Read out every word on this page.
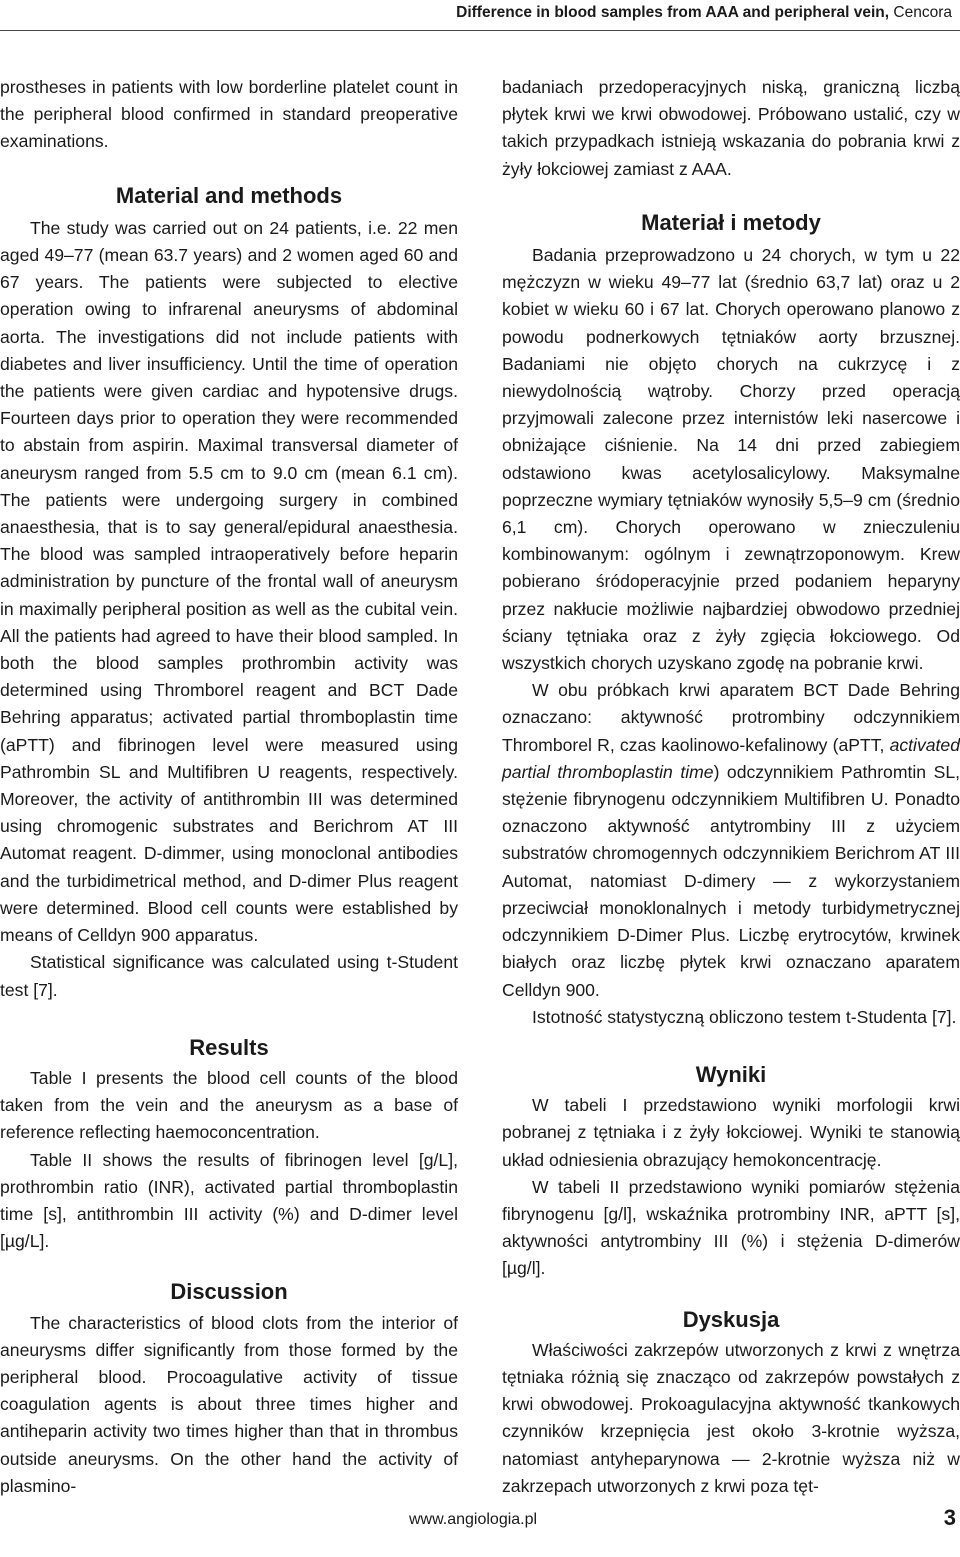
Difference in blood samples from AAA and peripheral vein, Cencora

prostheses in patients with low borderline platelet count in the peripheral blood confirmed in standard preoperative examinations.

Material and methods

The study was carried out on 24 patients, i.e. 22 men aged 49–77 (mean 63.7 years) and 2 women aged 60 and 67 years. The patients were subjected to elective operation owing to infrarenal aneurysms of abdominal aorta. The investigations did not include patients with diabetes and liver insufficiency. Until the time of operation the patients were given cardiac and hypotensive drugs. Fourteen days prior to operation they were recommended to abstain from aspirin. Maximal transversal diameter of aneurysm ranged from 5.5 cm to 9.0 cm (mean 6.1 cm). The patients were undergoing surgery in combined anaesthesia, that is to say general/epidural anaesthesia. The blood was sampled intraoperatively before heparin administration by puncture of the frontal wall of aneurysm in maximally peripheral position as well as the cubital vein. All the patients had agreed to have their blood sampled. In both the blood samples prothrombin activity was determined using Thromborel reagent and BCT Dade Behring apparatus; activated partial thromboplastin time (aPTT) and fibrinogen level were measured using Pathrombin SL and Multifibren U reagents, respectively. Moreover, the activity of antithrombin III was determined using chromogenic substrates and Berichrom AT III Automat reagent. D-dimmer, using monoclonal antibodies and the turbidimetrical method, and D-dimer Plus reagent were determined. Blood cell counts were established by means of Celldyn 900 apparatus.

Statistical significance was calculated using t-Student test [7].

Results

Table I presents the blood cell counts of the blood taken from the vein and the aneurysm as a base of reference reflecting haemoconcentration.

Table II shows the results of fibrinogen level [g/L], prothrombin ratio (INR), activated partial thromboplastin time [s], antithrombin III activity (%) and D-dimer level [µg/L].

Discussion

The characteristics of blood clots from the interior of aneurysms differ significantly from those formed by the peripheral blood. Procoagulative activity of tissue coagulation agents is about three times higher and antiheparin activity two times higher than that in thrombus outside aneurysms. On the other hand the activity of plasmino-

badaniach przedoperacyjnych niską, graniczną liczbą płytek krwi we krwi obwodowej. Próbowano ustalić, czy w takich przypadkach istnieją wskazania do pobrania krwi z żyły łokciowej zamiast z AAA.

Materiał i metody

Badania przeprowadzono u 24 chorych, w tym u 22 mężczyzn w wieku 49–77 lat (średnio 63,7 lat) oraz u 2 kobiet w wieku 60 i 67 lat. Chorych operowano planowo z powodu podnerkowych tętniaków aorty brzusznej. Badaniami nie objęto chorych na cukrzycę i z niewydolnością wątroby. Chorzy przed operacją przyjmowali zalecone przez internistów leki nasercowe i obniżające ciśnienie. Na 14 dni przed zabiegiem odstawiono kwas acetylosalicylowy. Maksymalne poprzeczne wymiary tętniaków wynosiły 5,5–9 cm (średnio 6,1 cm). Chorych operowano w znieczuleniu kombinowanym: ogólnym i zewnątrzoponowym. Krew pobierano śródoperacyjnie przed podaniem heparyny przez nakłucie możliwie najbardziej obwodowo przedniej ściany tętniaka oraz z żyły zgięcia łokciowego. Od wszystkich chorych uzyskano zgodę na pobranie krwi.

W obu próbkach krwi aparatem BCT Dade Behring oznaczano: aktywność protrombiny odczynnikiem Thromborel R, czas kaolinowo-kefalinowy (aPTT, activated partial thromboplastin time) odczynnikiem Pathromtin SL, stężenie fibrynogenu odczynnikiem Multifibren U. Ponadto oznaczono aktywność antytrombiny III z użyciem substratów chromogennych odczynnikiem Berichrom AT III Automat, natomiast D-dimery — z wykorzystaniem przeciwciał monoklonalnych i metody turbidymetrycznej odczynnikiem D-Dimer Plus. Liczbę erytrocytów, krwinek białych oraz liczbę płytek krwi oznaczano aparatem Celldyn 900.

Istotność statystyczną obliczono testem t-Studenta [7].

Wyniki

W tabeli I przedstawiono wyniki morfologii krwi pobranej z tętniaka i z żyły łokciowej. Wyniki te stanowią układ odniesienia obrazujący hemokoncentrację.

W tabeli II przedstawiono wyniki pomiarów stężenia fibrynogenu [g/l], wskaźnika protrombiny INR, aPTT [s], aktywności antytrombiny III (%) i stężenia D-dimerów [µg/l].

Dyskusja

Właściwości zakrzepów utworzonych z krwi z wnętrza tętniaka różnią się znacząco od zakrzepów powstałych z krwi obwodowej. Prokoagulacyjna aktywność tkankowych czynników krzepnięcia jest około 3-krotnie wyższa, natomiast antyheparynowa — 2-krotnie wyższa niż w zakrzepach utworzonych z krwi poza tęt-

www.angiologia.pl	3
